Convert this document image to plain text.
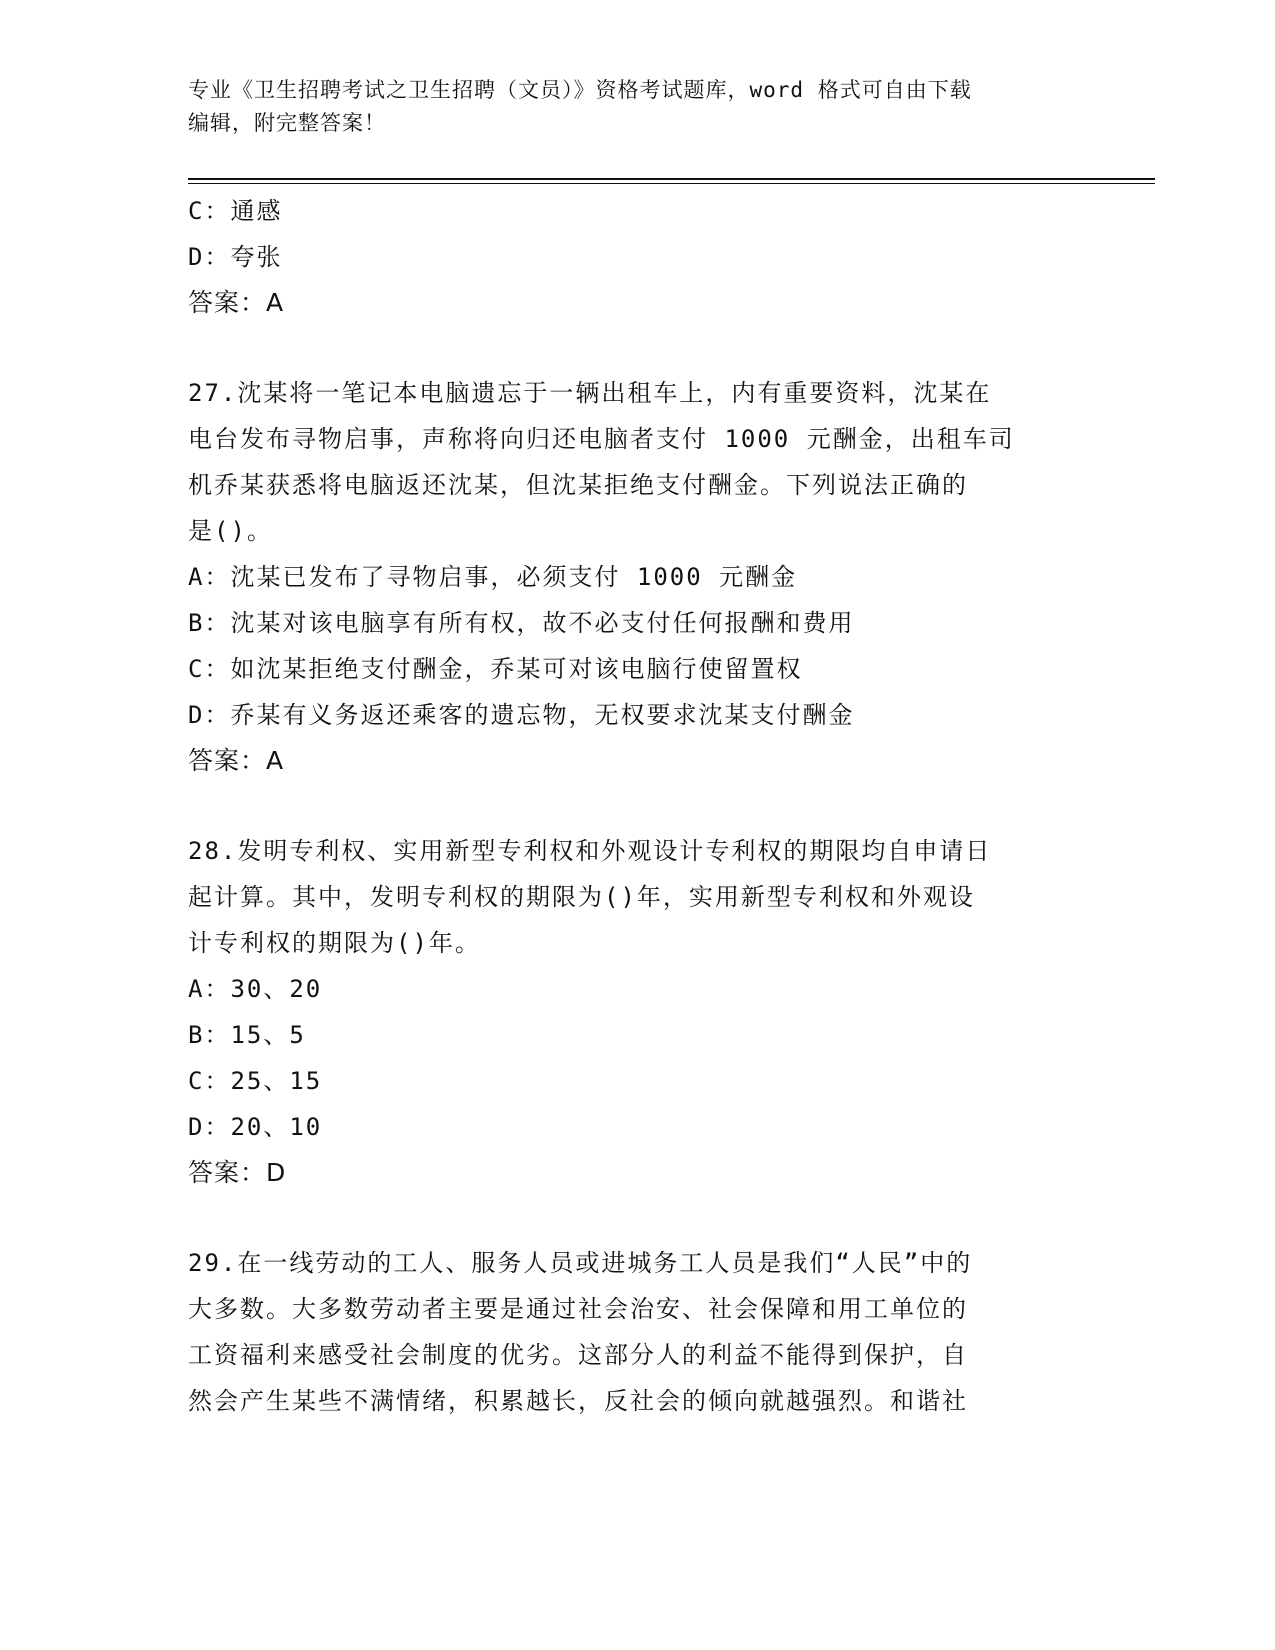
专业《卫生招聘考试之卫生招聘（文员）》资格考试题库，word 格式可自由下载
编辑，附完整答案！
C：通感
D：夸张
答案：A
27.沈某将一笔记本电脑遗忘于一辆出租车上，内有重要资料，沈某在
电台发布寻物启事，声称将向归还电脑者支付 1000 元酬金，出租车司
机乔某获悉将电脑返还沈某，但沈某拒绝支付酬金。下列说法正确的
是()。
A：沈某已发布了寻物启事，必须支付 1000 元酬金
B：沈某对该电脑享有所有权，故不必支付任何报酬和费用
C：如沈某拒绝支付酬金，乔某可对该电脑行使留置权
D：乔某有义务返还乘客的遗忘物，无权要求沈某支付酬金
答案：A
28.发明专利权、实用新型专利权和外观设计专利权的期限均自申请日
起计算。其中，发明专利权的期限为()年，实用新型专利权和外观设
计专利权的期限为()年。
A：30、20
B：15、5
C：25、15
D：20、10
答案：D
29.在一线劳动的工人、服务人员或进城务工人员是我们“人民”中的
大多数。大多数劳动者主要是通过社会治安、社会保障和用工单位的
工资福利来感受社会制度的优劣。这部分人的利益不能得到保护，自
然会产生某些不满情绪，积累越长，反社会的倾向就越强烈。和谐社
